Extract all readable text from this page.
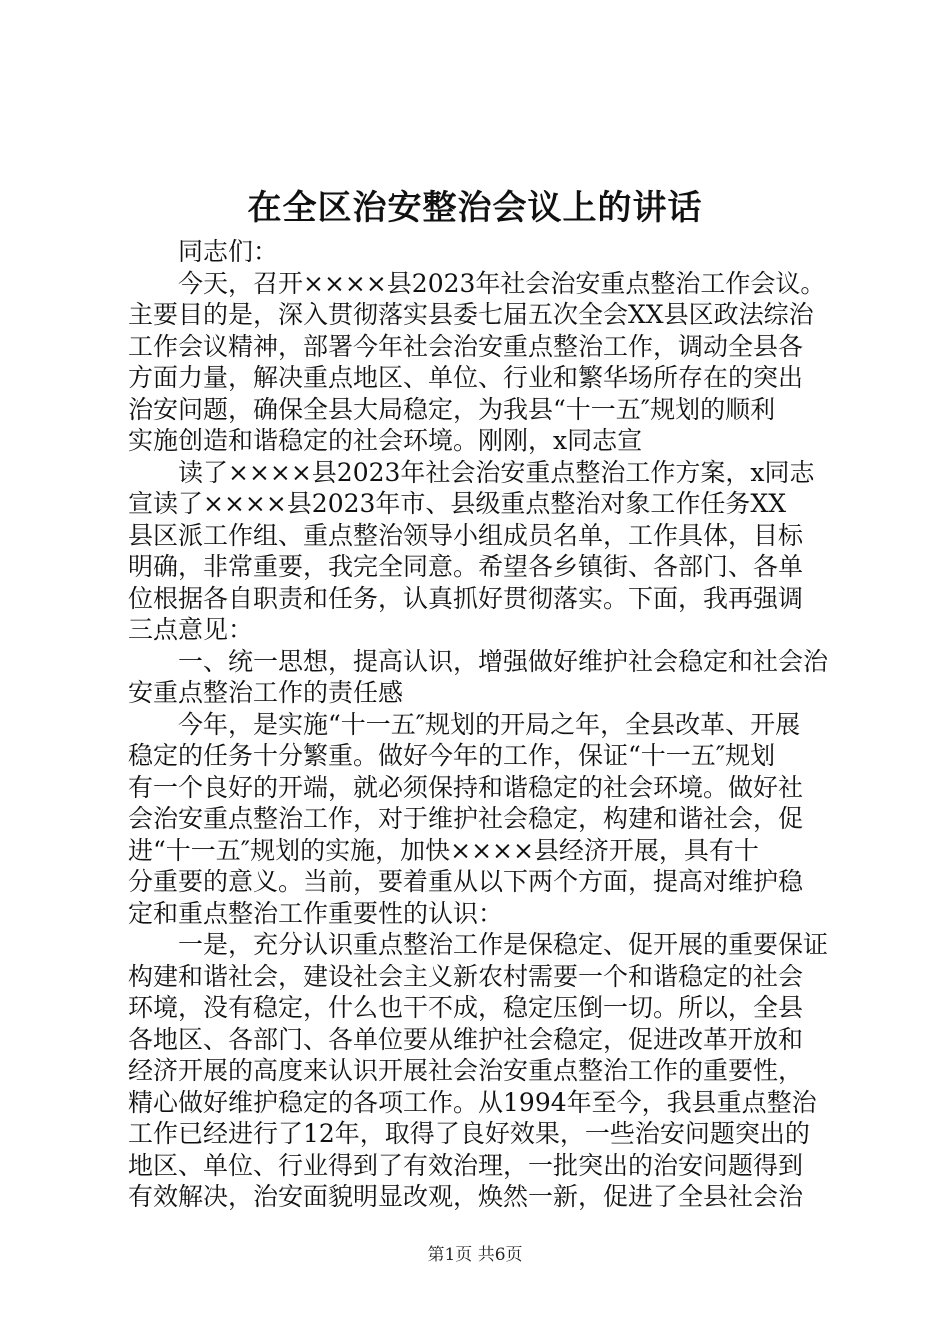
在全区治安整治会议上的讲话
同志们：
今天，召开××××县2023年社会治安重点整治工作会议。
主要目的是，深入贯彻落实县委七届五次全会XX县区政法综治
工作会议精神，部署今年社会治安重点整治工作，调动全县各
方面力量，解决重点地区、单位、行业和繁华场所存在的突出
治安问题，确保全县大局稳定，为我县“十一五″规划的顺利
实施创造和谐稳定的社会环境。刚刚，x同志宣
读了××××县2023年社会治安重点整治工作方案，x同志
宣读了××××县2023年市、县级重点整治对象工作任务XX
县区派工作组、重点整治领导小组成员名单，工作具体，目标
明确，非常重要，我完全同意。希望各乡镇街、各部门、各单
位根据各自职责和任务，认真抓好贯彻落实。下面，我再强调
三点意见：
一、统一思想，提高认识，增强做好维护社会稳定和社会治
安重点整治工作的责任感
今年，是实施“十一五″规划的开局之年，全县改革、开展
稳定的任务十分繁重。做好今年的工作，保证“十一五″规划
有一个良好的开端，就必须保持和谐稳定的社会环境。做好社
会治安重点整治工作，对于维护社会稳定，构建和谐社会，促
进“十一五″规划的实施，加快××××县经济开展，具有十
分重要的意义。当前，要着重从以下两个方面，提高对维护稳
定和重点整治工作重要性的认识：
一是，充分认识重点整治工作是保稳定、促开展的重要保证
构建和谐社会，建设社会主义新农村需要一个和谐稳定的社会
环境，没有稳定，什么也干不成，稳定压倒一切。所以，全县
各地区、各部门、各单位要从维护社会稳定，促进改革开放和
经济开展的高度来认识开展社会治安重点整治工作的重要性，
精心做好维护稳定的各项工作。从1994年至今，我县重点整治
工作已经进行了12年，取得了良好效果，一些治安问题突出的
地区、单位、行业得到了有效治理，一批突出的治安问题得到
有效解决，治安面貌明显改观，焕然一新，促进了全县社会治
第1页 共6页
